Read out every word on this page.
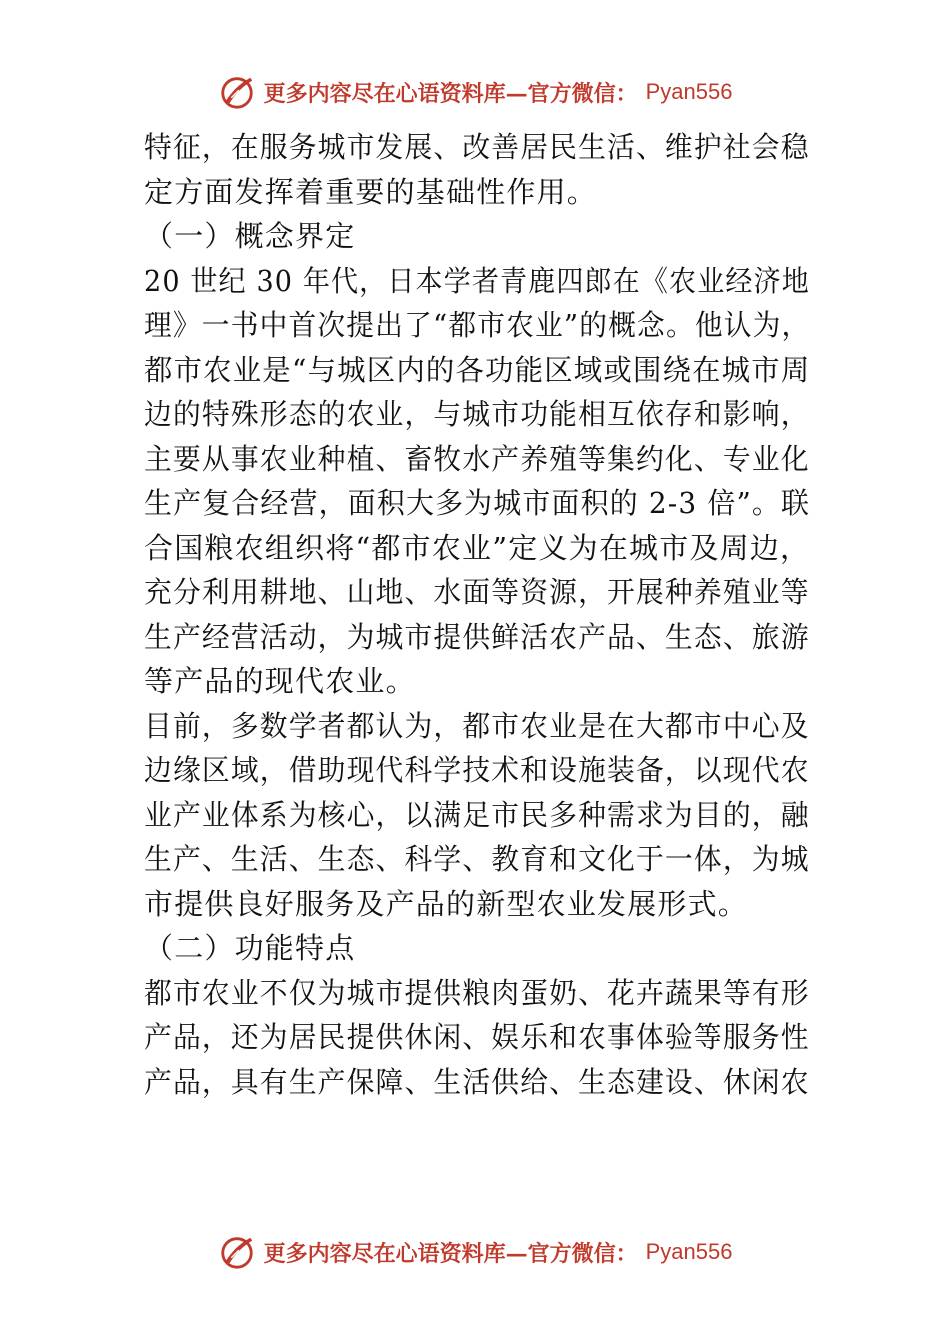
更多内容尽在心语资料库—官方微信： Pyan556
特征，在服务城市发展、改善居民生活、维护社会稳
定方面发挥着重要的基础性作用。
（一）概念界定
20 世纪 30 年代，日本学者青鹿四郎在《农业经济地
理》一书中首次提出了“都市农业”的概念。他认为，
都市农业是“与城区内的各功能区域或围绕在城市周
边的特殊形态的农业，与城市功能相互依存和影响，
主要从事农业种植、畜牧水产养殖等集约化、专业化
生产复合经营，面积大多为城市面积的 2-3 倍”。联
合国粮农组织将“都市农业”定义为在城市及周边，
充分利用耕地、山地、水面等资源，开展种养殖业等
生产经营活动，为城市提供鲜活农产品、生态、旅游
等产品的现代农业。
目前，多数学者都认为，都市农业是在大都市中心及
边缘区域，借助现代科学技术和设施装备，以现代农
业产业体系为核心，以满足市民多种需求为目的，融
生产、生活、生态、科学、教育和文化于一体，为城
市提供良好服务及产品的新型农业发展形式。
（二）功能特点
都市农业不仅为城市提供粮肉蛋奶、花卉蔬果等有形
产品，还为居民提供休闲、娱乐和农事体验等服务性
产品，具有生产保障、生活供给、生态建设、休闲农
更多内容尽在心语资料库—官方微信： Pyan556
